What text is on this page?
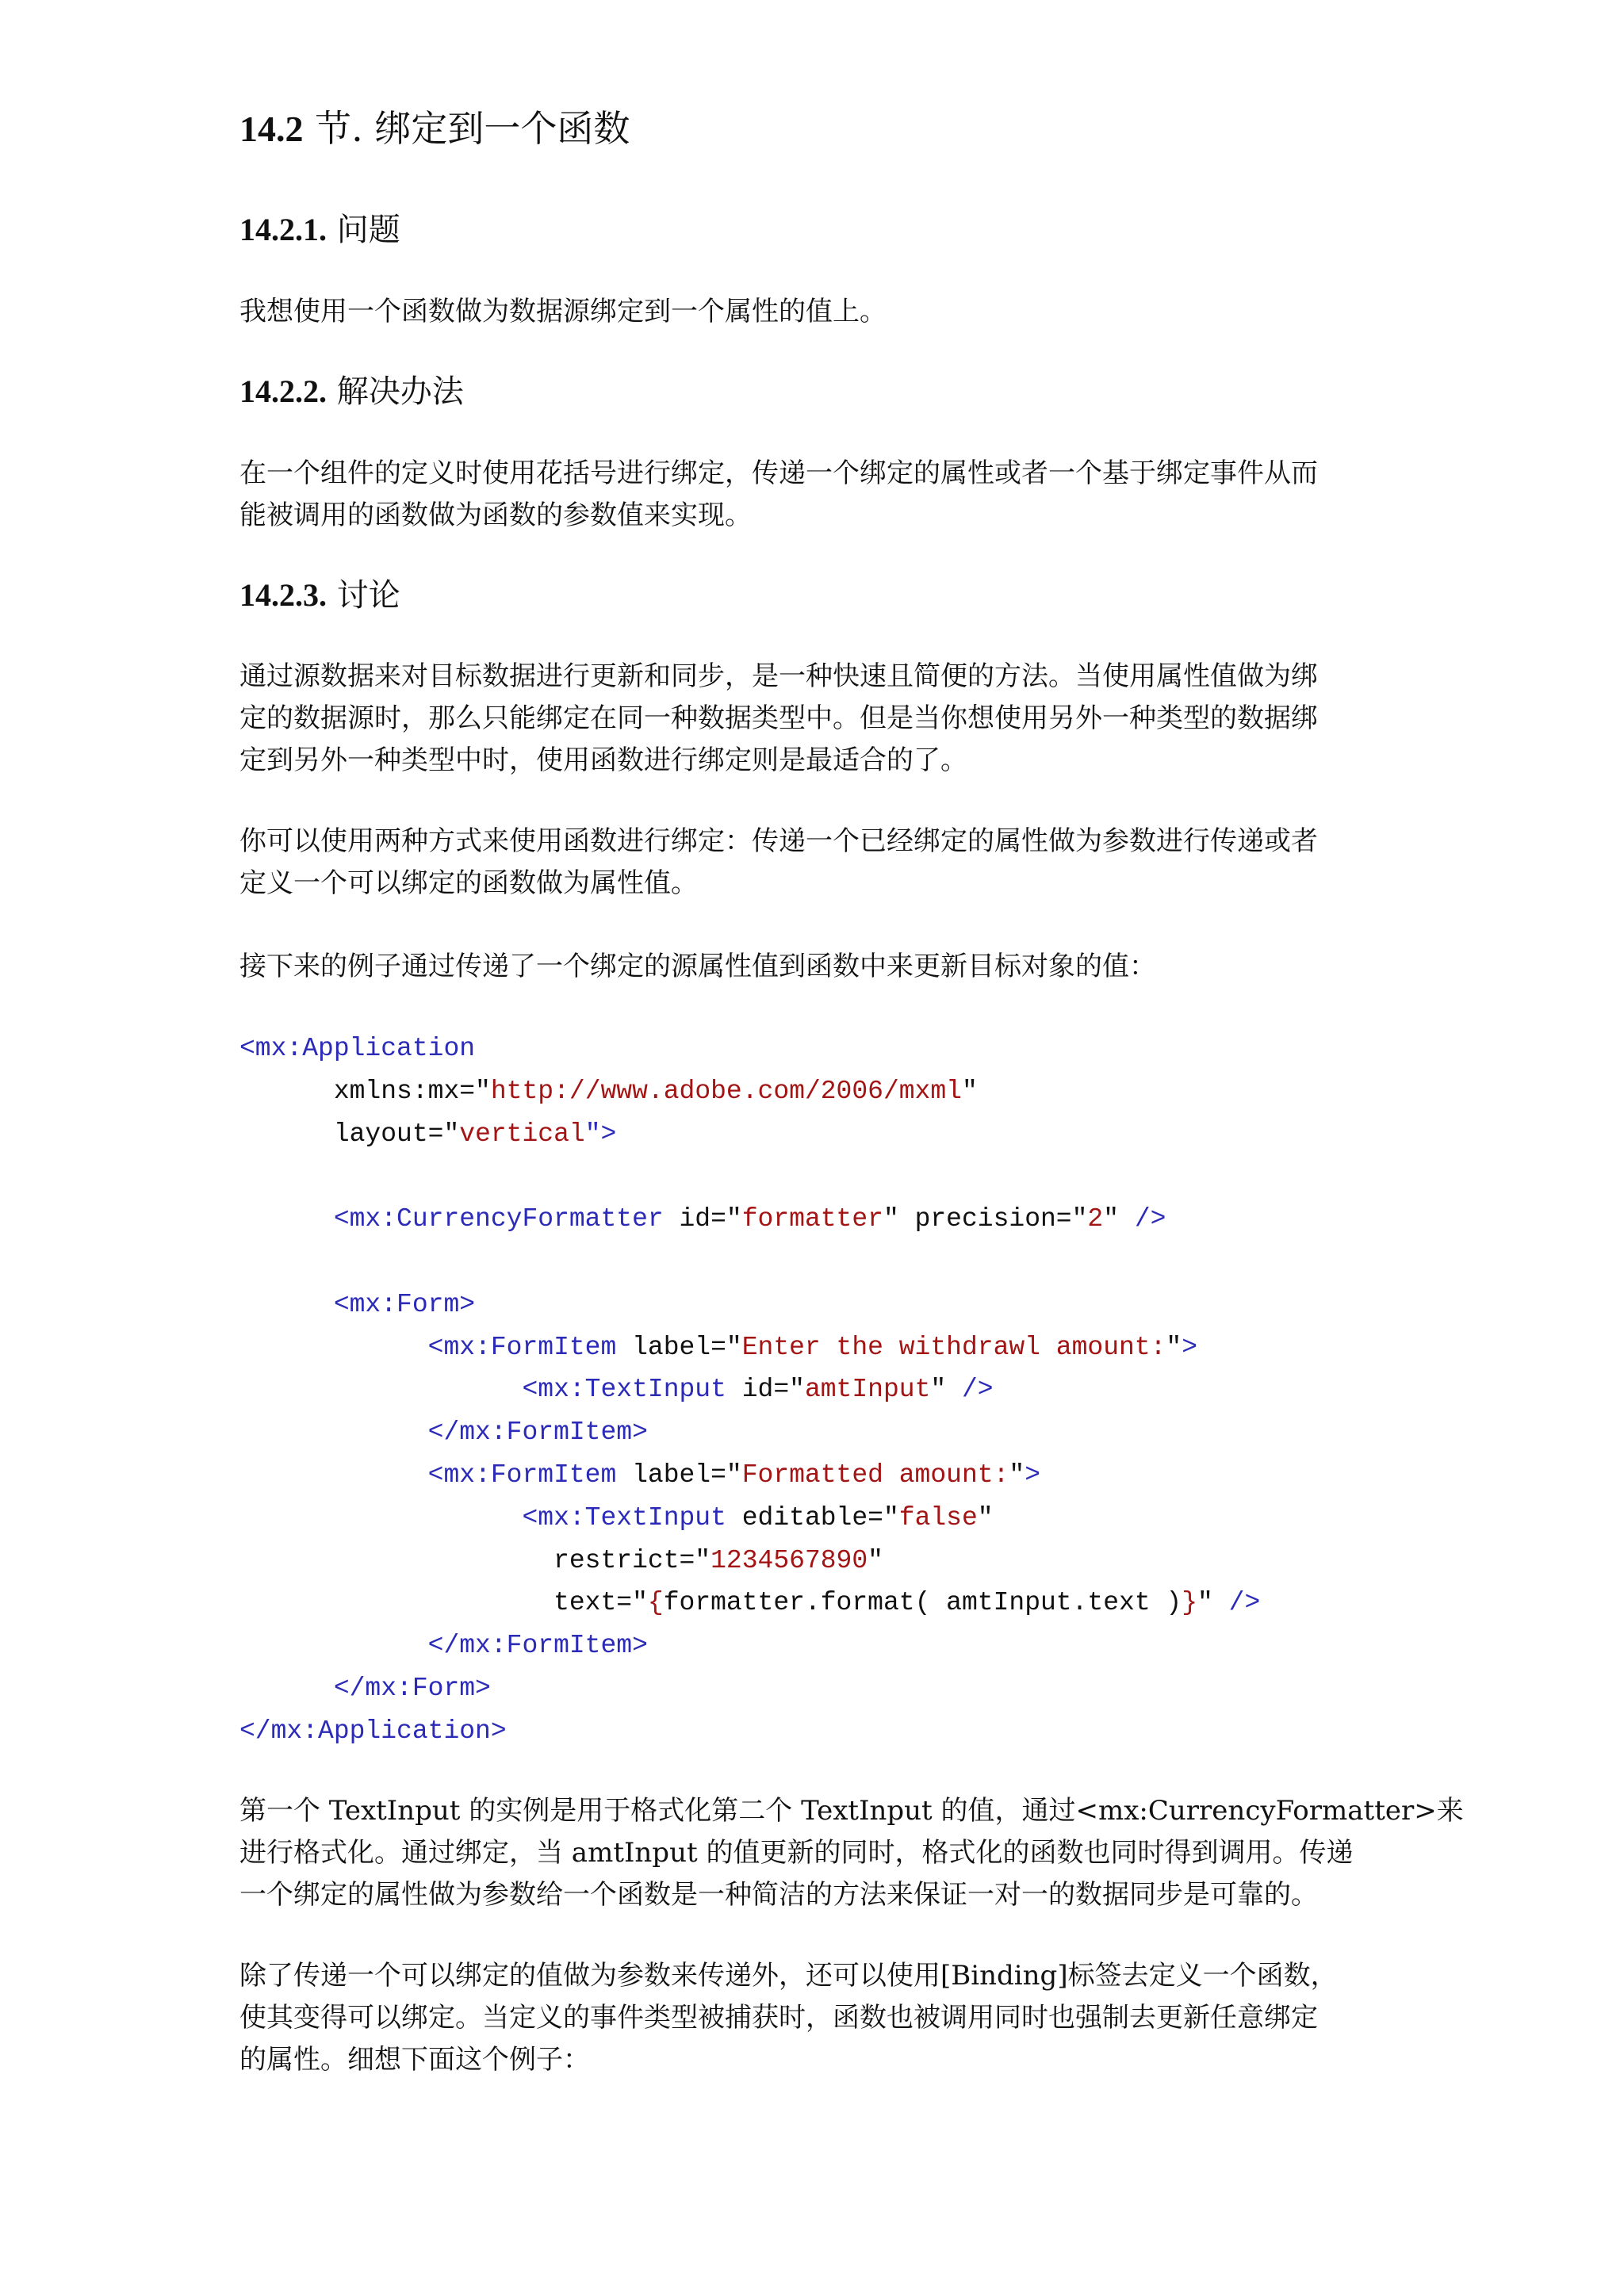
14.2 节. 绑定到一个函数
14.2.1. 问题
我想使用一个函数做为数据源绑定到一个属性的值上。
14.2.2. 解决办法
在一个组件的定义时使用花括号进行绑定，传递一个绑定的属性或者一个基于绑定事件从而
能被调用的函数做为函数的参数值来实现。
14.2.3. 讨论
通过源数据来对目标数据进行更新和同步，是一种快速且简便的方法。当使用属性值做为绑
定的数据源时，那么只能绑定在同一种数据类型中。但是当你想使用另外一种类型的数据绑
定到另外一种类型中时，使用函数进行绑定则是最适合的了。
你可以使用两种方式来使用函数进行绑定：传递一个已经绑定的属性做为参数进行传递或者
定义一个可以绑定的函数做为属性值。
接下来的例子通过传递了一个绑定的源属性值到函数中来更新目标对象的值：
<mx:Application
xmlns:mx="http://www.adobe.com/2006/mxml"
layout="vertical">

<mx:CurrencyFormatter id="formatter" precision="2" />

<mx:Form>
<mx:FormItem label="Enter the withdrawl amount:">
<mx:TextInput id="amtInput" />
</mx:FormItem>
<mx:FormItem label="Formatted amount:">
<mx:TextInput editable="false"
restrict="1234567890"
text="{formatter.format( amtInput.text )}" />
</mx:FormItem>
</mx:Form>
</mx:Application>
第一个 TextInput 的实例是用于格式化第二个 TextInput 的值，通过<mx:CurrencyFormatter>来
进行格式化。通过绑定，当 amtInput 的值更新的同时，格式化的函数也同时得到调用。传递
一个绑定的属性做为参数给一个函数是一种简洁的方法来保证一对一的数据同步是可靠的。
除了传递一个可以绑定的值做为参数来传递外，还可以使用[Binding]标签去定义一个函数，
使其变得可以绑定。当定义的事件类型被捕获时，函数也被调用同时也强制去更新任意绑定
的属性。细想下面这个例子：
